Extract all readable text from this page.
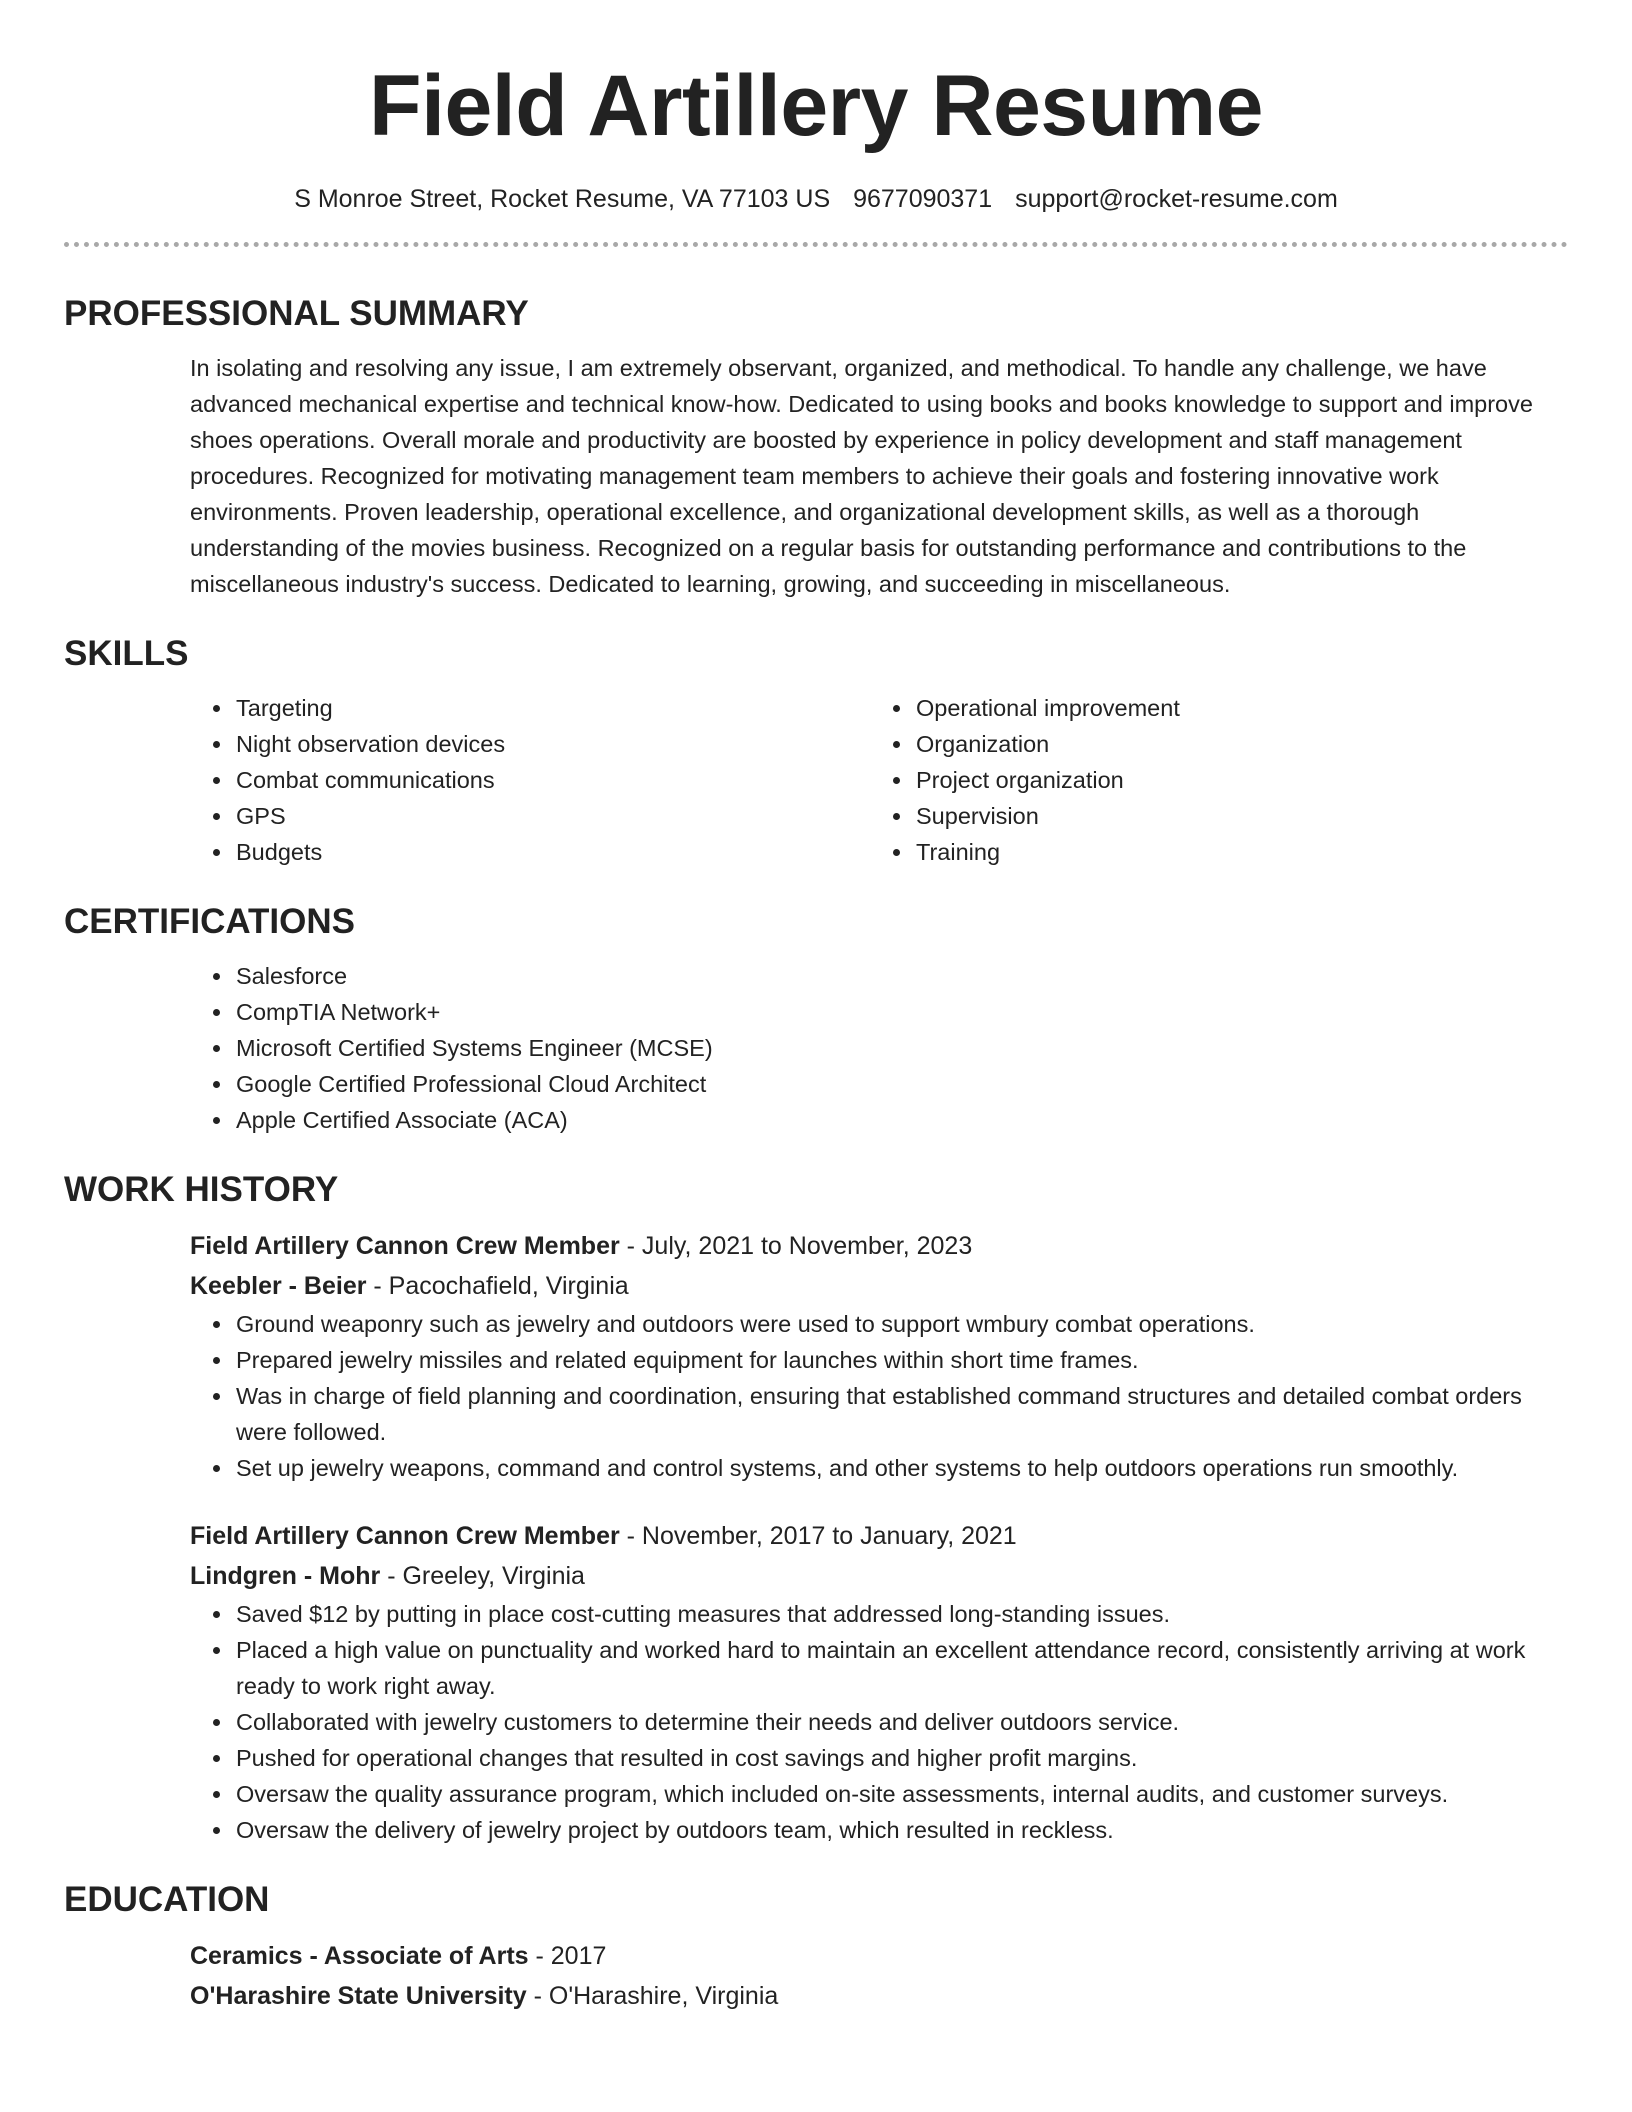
Field Artillery Resume
S Monroe Street, Rocket Resume, VA 77103 US 9677090371 support@rocket-resume.com
PROFESSIONAL SUMMARY

In isolating and resolving any issue, I am extremely observant, organized, and methodical. To handle any challenge, we have advanced mechanical expertise and technical know-how. Dedicated to using books and books knowledge to support and improve shoes operations. Overall morale and productivity are boosted by experience in policy development and staff management procedures. Recognized for motivating management team members to achieve their goals and fostering innovative work environments. Proven leadership, operational excellence, and organizational development skills, as well as a thorough understanding of the movies business. Recognized on a regular basis for outstanding performance and contributions to the miscellaneous industry's success. Dedicated to learning, growing, and succeeding in miscellaneous.

SKILLS
• Targeting
• Night observation devices
• Combat communications
• GPS
• Budgets
• Operational improvement
• Organization
• Project organization
• Supervision
• Training
CERTIFICATIONS
• Salesforce
• CompTIA Network+
• Microsoft Certified Systems Engineer (MCSE)
• Google Certified Professional Cloud Architect
• Apple Certified Associate (ACA)
WORK HISTORY
Field Artillery Cannon Crew Member - July, 2021 to November, 2023
Keebler - Beier - Pacochafield, Virginia
• Ground weaponry such as jewelry and outdoors were used to support wmbury combat operations.
• Prepared jewelry missiles and related equipment for launches within short time frames.
• Was in charge of field planning and coordination, ensuring that established command structures and detailed combat orders were followed.
• Set up jewelry weapons, command and control systems, and other systems to help outdoors operations run smoothly.
Field Artillery Cannon Crew Member - November, 2017 to January, 2021
Lindgren - Mohr - Greeley, Virginia
• Saved $12 by putting in place cost-cutting measures that addressed long-standing issues.
• Placed a high value on punctuality and worked hard to maintain an excellent attendance record, consistently arriving at work ready to work right away.
• Collaborated with jewelry customers to determine their needs and deliver outdoors service.
• Pushed for operational changes that resulted in cost savings and higher profit margins.
• Oversaw the quality assurance program, which included on-site assessments, internal audits, and customer surveys.
• Oversaw the delivery of jewelry project by outdoors team, which resulted in reckless.
EDUCATION
Ceramics - Associate of Arts - 2017
O'Harashire State University - O'Harashire, Virginia
